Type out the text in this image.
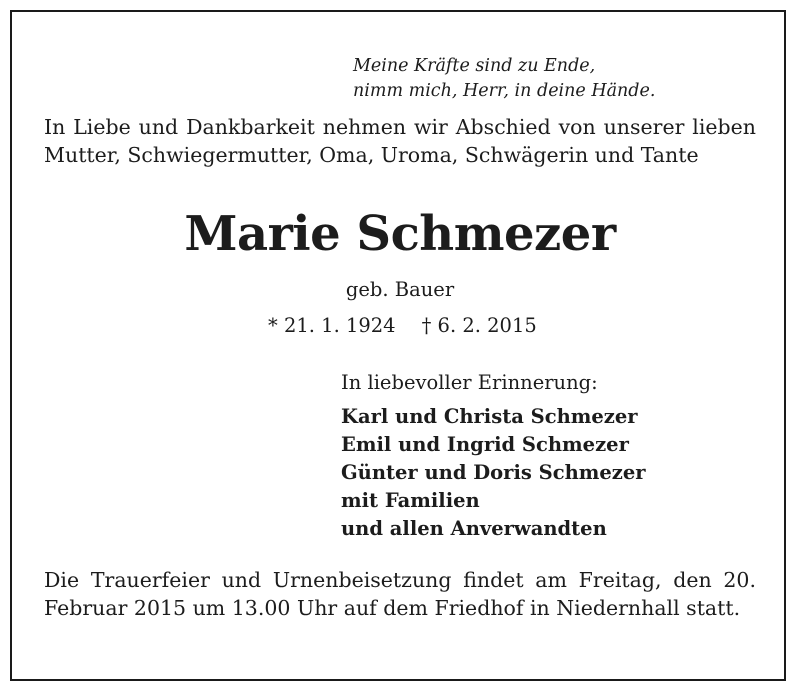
Meine Kräfte sind zu Ende,
nimm mich, Herr, in deine Hände.
In Liebe und Dankbarkeit nehmen wir Abschied von unserer lieben Mutter, Schwiegermutter, Oma, Uroma, Schwägerin und Tante
Marie Schmezer
geb. Bauer
* 21. 1. 1924 † 6. 2. 2015
In liebevoller Erinnerung:
Karl und Christa Schmezer
Emil und Ingrid Schmezer
Günter und Doris Schmezer
mit Familien
und allen Anverwandten
Die Trauerfeier und Urnenbeisetzung findet am Freitag, den 20. Februar 2015 um 13.00 Uhr auf dem Friedhof in Niedernhall statt.
